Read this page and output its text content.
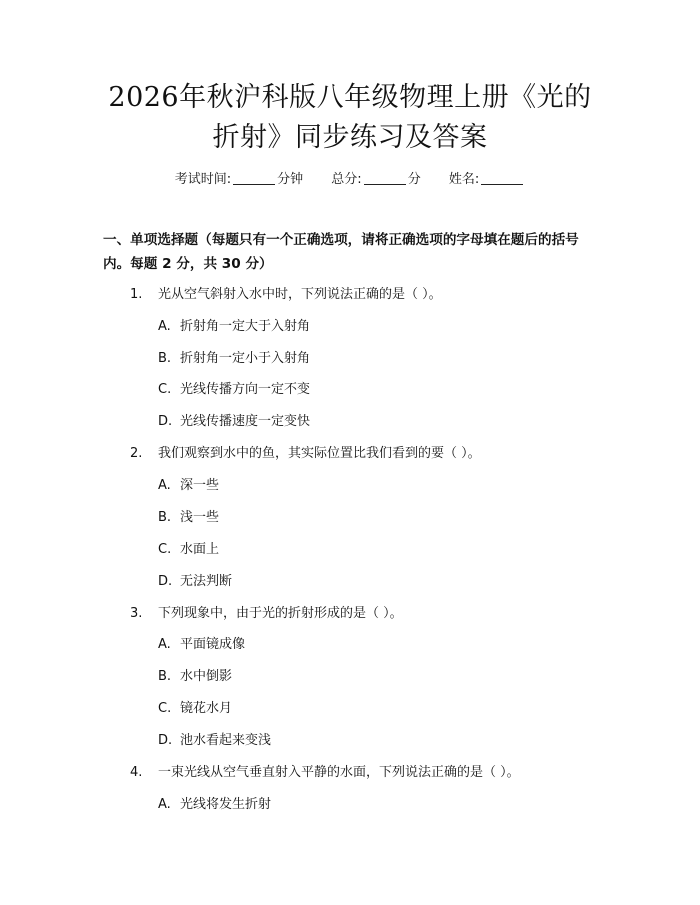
2026年秋沪科版八年级物理上册《光的折射》同步练习及答案
考试时间:	分钟 总分:	分 姓名:
一、单项选择题（每题只有一个正确选项，请将正确选项的字母填在题后的括号内。每题 2 分，共 30 分）
1. 光从空气斜射入水中时，下列说法正确的是（ ）。
A. 折射角一定大于入射角
B. 折射角一定小于入射角
C. 光线传播方向一定不变
D. 光线传播速度一定变快
2. 我们观察到水中的鱼，其实际位置比我们看到的要（ ）。
A. 深一些
B. 浅一些
C. 水面上
D. 无法判断
3. 下列现象中，由于光的折射形成的是（ ）。
A. 平面镜成像
B. 水中倒影
C. 镜花水月
D. 池水看起来变浅
4. 一束光线从空气垂直射入平静的水面，下列说法正确的是（ ）。
A. 光线将发生折射
